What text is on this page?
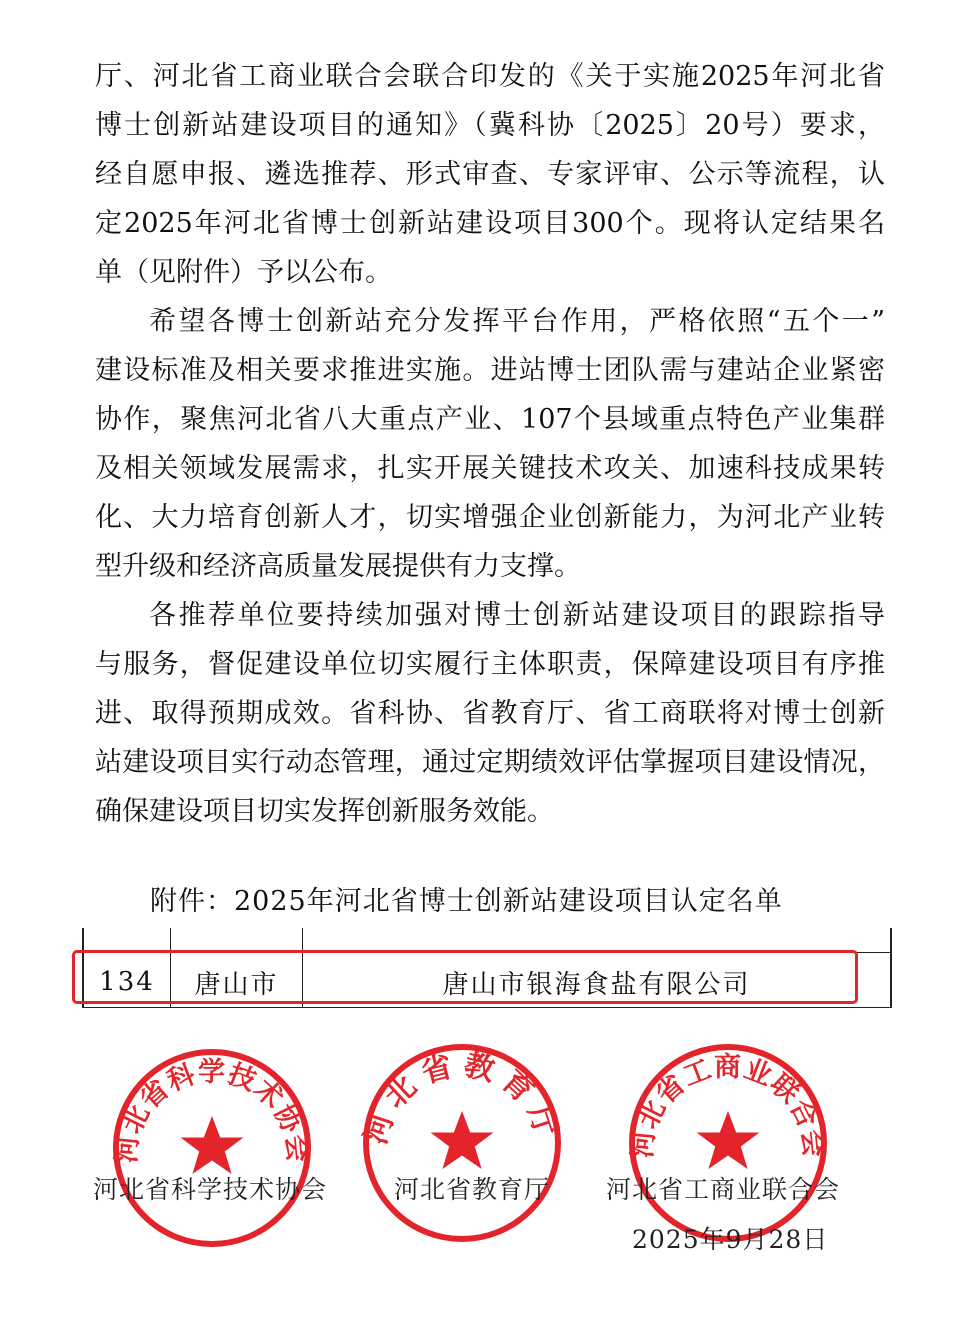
厅、河北省工商业联合会联合印发的《关于实施2025年河北省

博士创新站建设项目的通知》（冀科协〔2025〕20号）要求，

经自愿申报、遴选推荐、形式审查、专家评审、公示等流程，认

定2025年河北省博士创新站建设项目300个。现将认定结果名

单（见附件）予以公布。

希望各博士创新站充分发挥平台作用，严格依照“五个一”

建设标准及相关要求推进实施。进站博士团队需与建站企业紧密

协作，聚焦河北省八大重点产业、107个县域重点特色产业集群

及相关领域发展需求，扎实开展关键技术攻关、加速科技成果转

化、大力培育创新人才，切实增强企业创新能力，为河北产业转

型升级和经济高质量发展提供有力支撑。

各推荐单位要持续加强对博士创新站建设项目的跟踪指导

与服务，督促建设单位切实履行主体职责，保障建设项目有序推

进、取得预期成效。省科协、省教育厅、省工商联将对博士创新

站建设项目实行动态管理，通过定期绩效评估掌握项目建设情况，

确保建设项目切实发挥创新服务效能。

附件：2025年河北省博士创新站建设项目认定名单
134	唐山市	唐山市银海食盐有限公司
河北省科学技术协会
河北省教育厅 河北省工商业联合会
河北省科学技术协会	河北省教育厅 河北省工商业联合会
2025年9月28日
